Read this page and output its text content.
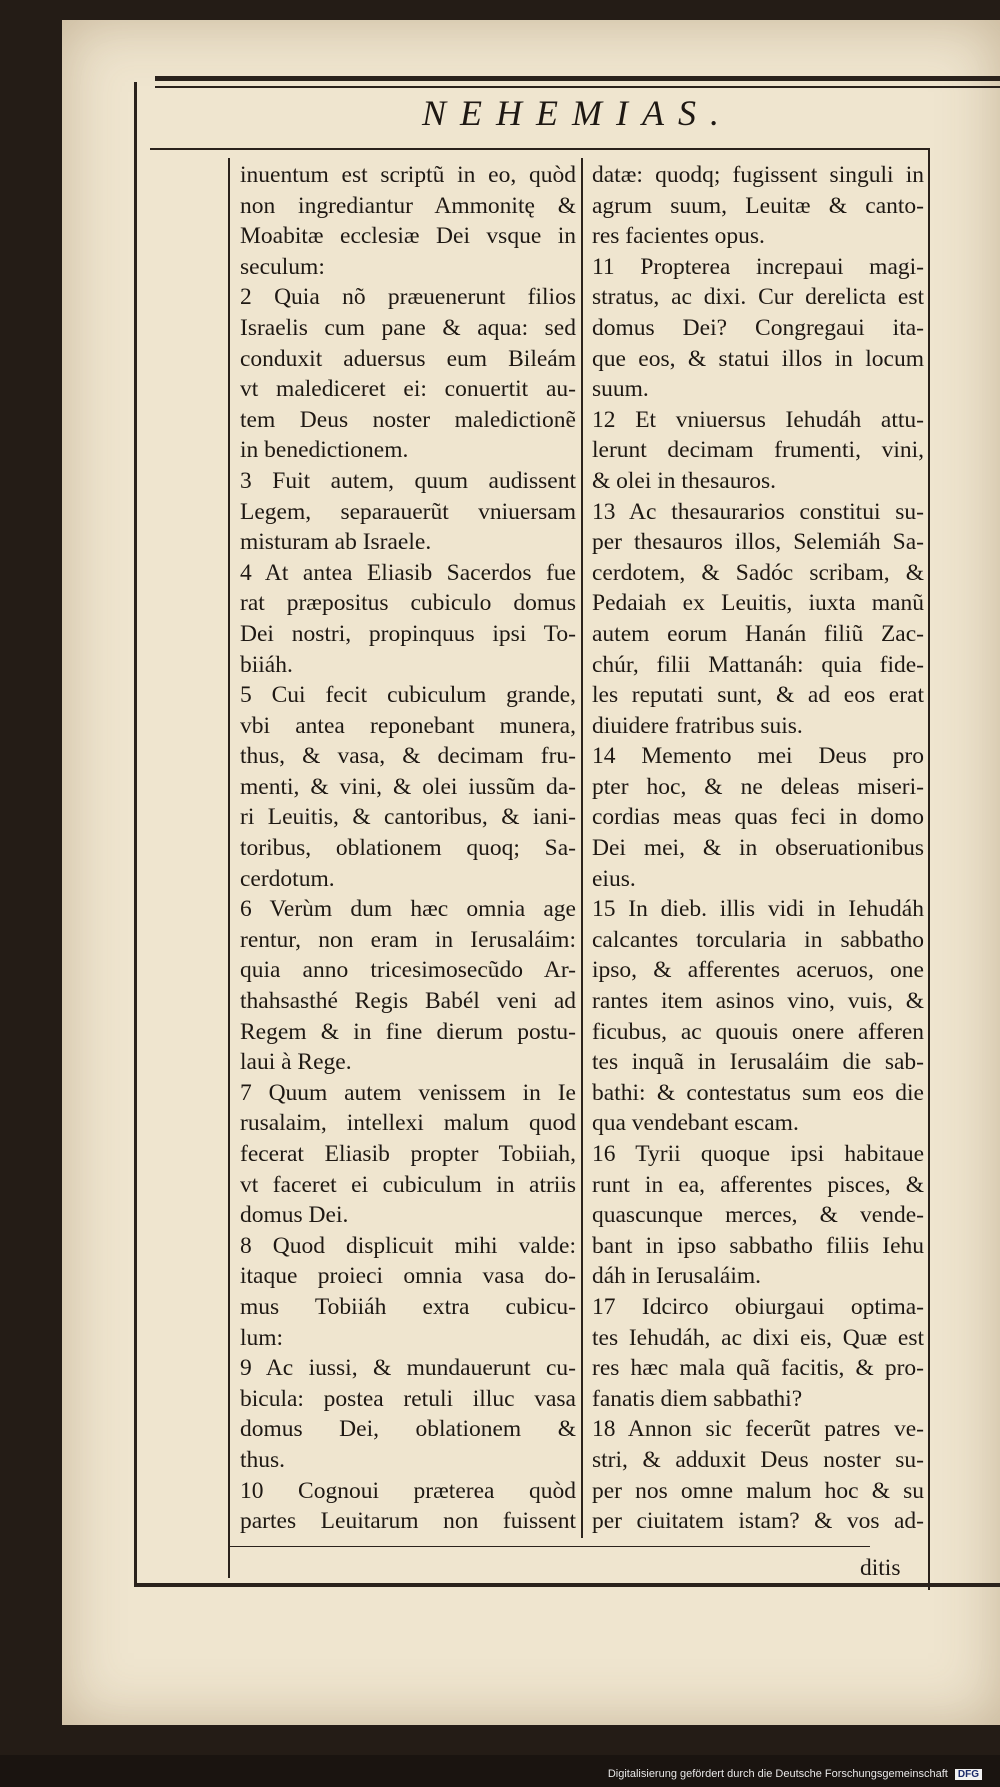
NEHEMIAS.
inuentum est scriptũ in eo, quòd
non ingrediantur Ammonitę &
Moabitæ ecclesiæ Dei vsque in
seculum:
2 Quia nõ præuenerunt filios
Israelis cum pane & aqua: sed
conduxit aduersus eum Bileám
vt malediceret ei: conuertit au-
tem Deus noster maledictionẽ
in benedictionem.
3 Fuit autem, quum audissent
Legem, separauerũt vniuersam
misturam ab Israele.
4 At antea Eliasib Sacerdos fue
rat præpositus cubiculo domus
Dei nostri, propinquus ipsi To-
biiáh.
5 Cui fecit cubiculum grande,
vbi antea reponebant munera,
thus, & vasa, & decimam fru-
menti, & vini, & olei iussũm da-
ri Leuitis, & cantoribus, & iani-
toribus, oblationem quoq; Sa-
cerdotum.
6 Verùm dum hæc omnia age
rentur, non eram in Ierusaláim:
quia anno tricesimosecũdo Ar-
thahsasthé Regis Babél veni ad
Regem & in fine dierum postu-
laui à Rege.
7 Quum autem venissem in Ie
rusalaim, intellexi malum quod
fecerat Eliasib propter Tobiiah,
vt faceret ei cubiculum in atriis
domus Dei.
8 Quod displicuit mihi valde:
itaque proieci omnia vasa do-
mus Tobiiáh extra cubicu-
lum:
9 Ac iussi, & mundauerunt cu-
bicula: postea retuli illuc vasa
domus Dei, oblationem &
thus.
10 Cognoui præterea quòd
partes Leuitarum non fuissent
datæ: quodq; fugissent singuli in
agrum suum, Leuitæ & canto-
res facientes opus.
11 Propterea increpaui magi-
stratus, ac dixi. Cur derelicta est
domus Dei? Congregaui ita-
que eos, & statui illos in locum
suum.
12 Et vniuersus Iehudáh attu-
lerunt decimam frumenti, vini,
& olei in thesauros.
13 Ac thesaurarios constitui su-
per thesauros illos, Selemiáh Sa-
cerdotem, & Sadóc scribam, &
Pedaiah ex Leuitis, iuxta manũ
autem eorum Hanán filiũ Zac-
chúr, filii Mattanáh: quia fide-
les reputati sunt, & ad eos erat
diuidere fratribus suis.
14 Memento mei Deus pro
pter hoc, & ne deleas miseri-
cordias meas quas feci in domo
Dei mei, & in obseruationibus
eius.
15 In dieb. illis vidi in Iehudáh
calcantes torcularia in sabbatho
ipso, & afferentes aceruos, one
rantes item asinos vino, vuis, &
ficubus, ac quouis onere afferen
tes inquã in Ierusaláim die sab-
bathi: & contestatus sum eos die
qua vendebant escam.
16 Tyrii quoque ipsi habitaue
runt in ea, afferentes pisces, &
quascunque merces, & vende-
bant in ipso sabbatho filiis Iehu
dáh in Ierusaláim.
17 Idcirco obiurgaui optima-
tes Iehudáh, ac dixi eis, Quæ est
res hæc mala quã facitis, & pro-
fanatis diem sabbathi?
18 Annon sic fecerũt patres ve-
stri, & adduxit Deus noster su-
per nos omne malum hoc & su
per ciuitatem istam? & vos ad-
ditis
Digitalisierung gefördert durch die Deutsche Forschungsgemeinschaft DFG
